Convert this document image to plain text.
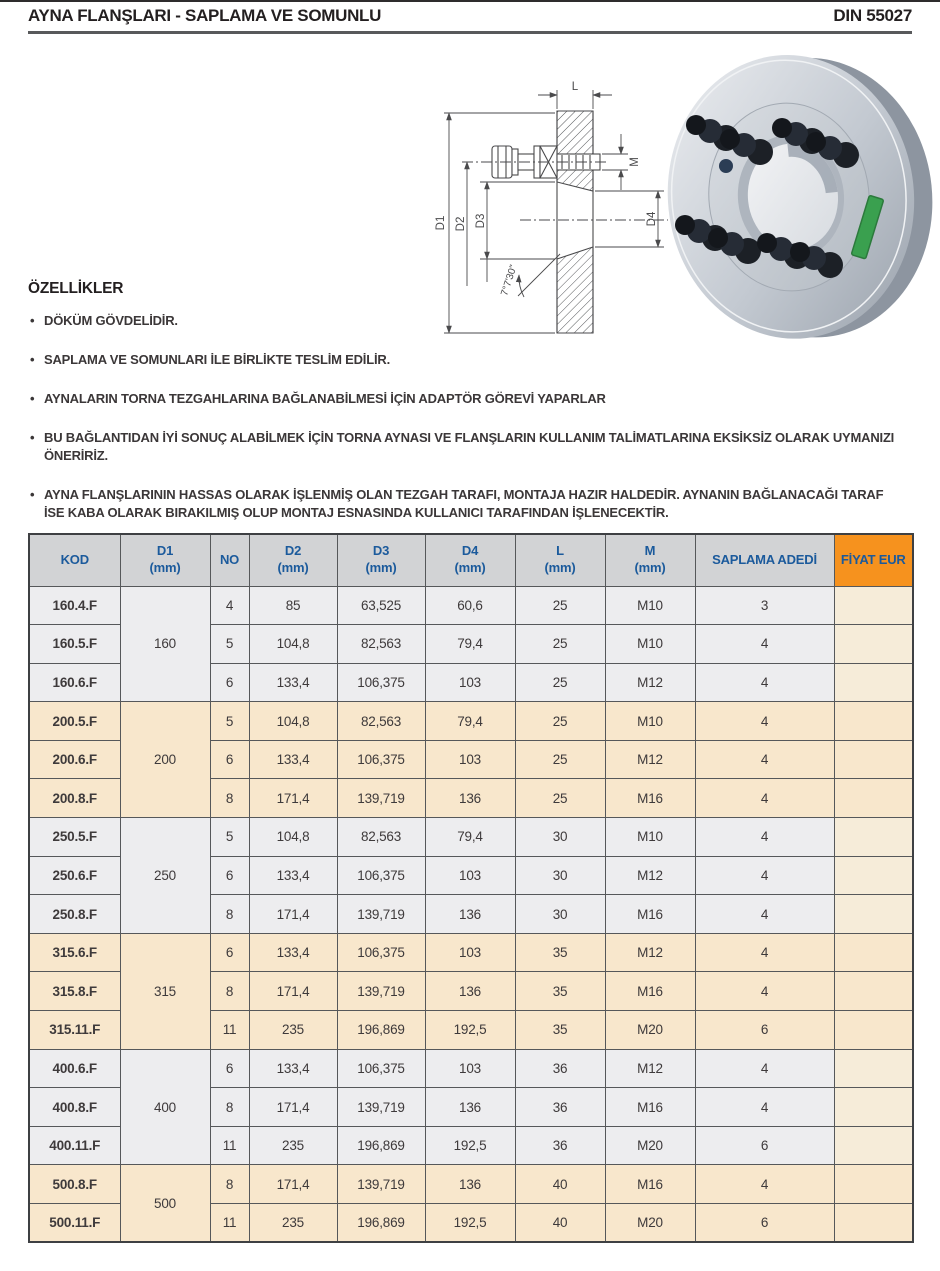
AYNA FLANŞLARI - SAPLAMA VE SOMUNLU	DIN 55027
L
M
D1 D2 D3	D4
7°7'30"
ÖZELLİKLER
• DÖKÜM GÖVDELİDİR.
• SAPLAMA VE SOMUNLARI İLE BİRLİKTE TESLİM EDİLİR.
• AYNALARIN TORNA TEZGAHLARINA BAĞLANABİLMESİ İÇİN ADAPTÖR GÖREVİ YAPARLAR
• BU BAĞLANTIDAN İYİ SONUÇ ALABİLMEK İÇİN TORNA AYNASI VE FLANŞLARIN KULLANIM TALİMATLARINA EKSİKSİZ OLARAK UYMANIZI ÖNERİRİZ.
• AYNA FLANŞLARININ HASSAS OLARAK İŞLENMİŞ OLAN TEZGAH TARAFI, MONTAJA HAZIR HALDEDİR. AYNANIN BAĞLANACAĞI TARAF İSE KABA OLARAK BIRAKILMIŞ OLUP MONTAJ ESNASINDA KULLANICI TARAFINDAN İŞLENECEKTİR.
KOD	D1
(mm)	NO	D2
(mm)	D3
(mm)	D4
(mm)	L
(mm)	M
(mm)	SAPLAMA ADEDİ	FİYAT EUR
160.4.F	160	4	85	63,525	60,6	25	M10	3	
160.5.F		5	104,8	82,563	79,4	25	M10	4	
160.6.F		6	133,4	106,375	103	25	M12	4	
200.5.F	200	5	104,8	82,563	79,4	25	M10	4	
200.6.F		6	133,4	106,375	103	25	M12	4	
200.8.F		8	171,4	139,719	136	25	M16	4	
250.5.F	250	5	104,8	82,563	79,4	30	M10	4	
250.6.F		6	133,4	106,375	103	30	M12	4	
250.8.F		8	171,4	139,719	136	30	M16	4	
315.6.F	315	6	133,4	106,375	103	35	M12	4	
315.8.F		8	171,4	139,719	136	35	M16	4	
315.11.F		11	235	196,869	192,5	35	M20	6	
400.6.F	400	6	133,4	106,375	103	36	M12	4	
400.8.F		8	171,4	139,719	136	36	M16	4	
400.11.F		11	235	196,869	192,5	36	M20	6	
500.8.F	500	8	171,4	139,719	136	40	M16	4	
500.11.F		11	235	196,869	192,5	40	M20	6	
